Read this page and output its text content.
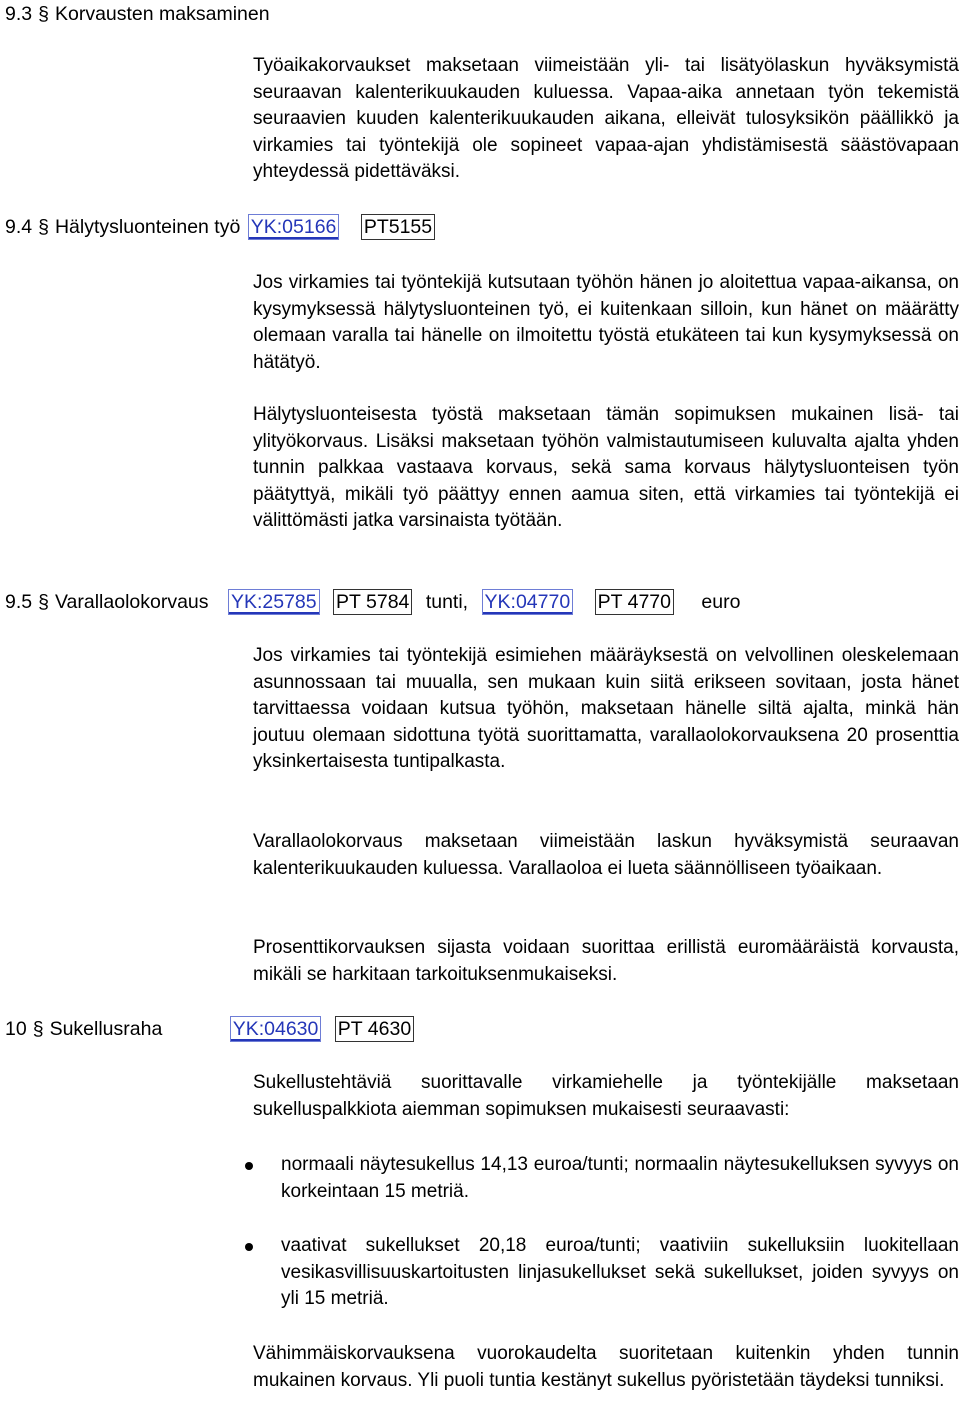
9.3 § Korvausten maksaminen

Työaikakorvaukset maksetaan viimeistään yli- tai lisätyölaskun hyväksymistä seuraavan kalenterikuukauden kuluessa. Vapaa-aika annetaan työn tekemistä seuraavien kuuden kalenterikuukauden aikana, elleivät tulosyksikön päällikkö ja virkamies tai työntekijä ole sopineet vapaa-ajan yhdistämisestä säästövapaan yhteydessä pidettäväksi.

9.4 § Hälytysluonteinen työ YK:05166 PT5155

Jos virkamies tai työntekijä kutsutaan työhön hänen jo aloitettua vapaa-aikansa, on kysymyksessä hälytysluonteinen työ, ei kuitenkaan silloin, kun hänet on määrätty olemaan varalla tai hänelle on ilmoitettu työstä etukäteen tai kun kysymyksessä on hätätyö.

Hälytysluonteisesta työstä maksetaan tämän sopimuksen mukainen lisä- tai ylityökorvaus. Lisäksi maksetaan työhön valmistautumiseen kuluvalta ajalta yhden tunnin palkkaa vastaava korvaus, sekä sama korvaus hälytysluonteisen työn päätyttyä, mikäli työ päättyy ennen aamua siten, että virkamies tai työntekijä ei välittömästi jatka varsinaista työtään.

9.5 § Varallaolokorvaus YK:25785 PT 5784 tunti, YK:04770 PT 4770 euro

Jos virkamies tai työntekijä esimiehen määräyksestä on velvollinen oleskelemaan asunnossaan tai muualla, sen mukaan kuin siitä erikseen sovitaan, josta hänet tarvittaessa voidaan kutsua työhön, maksetaan hänelle siltä ajalta, minkä hän joutuu olemaan sidottuna työtä suorittamatta, varallaolokorvauksena 20 prosenttia yksinkertaisesta tuntipalkasta.

Varallaolokorvaus maksetaan viimeistään laskun hyväksymistä seuraavan kalenterikuukauden kuluessa. Varallaoloa ei lueta säännölliseen työaikaan.

Prosenttikorvauksen sijasta voidaan suorittaa erillistä euromääräistä korvausta, mikäli se harkitaan tarkoituksenmukaiseksi.

10 § Sukellusraha	YK:04630 PT 4630

Sukellustehtäviä suorittavalle virkamiehelle ja työntekijälle maksetaan sukelluspalkkiota aiemman sopimuksen mukaisesti seuraavasti:

normaali näytesukellus 14,13 euroa/tunti; normaalin näytesukelluksen syvyys on korkeintaan 15 metriä.

vaativat sukellukset 20,18 euroa/tunti; vaativiin sukelluksiin luokitellaan vesikasvillisuuskartoitusten linjasukellukset sekä sukellukset, joiden syvyys on yli 15 metriä.

Vähimmäiskorvauksena vuorokaudelta suoritetaan kuitenkin yhden tunnin mukainen korvaus. Yli puoli tuntia kestänyt sukellus pyöristetään täydeksi tunniksi.
